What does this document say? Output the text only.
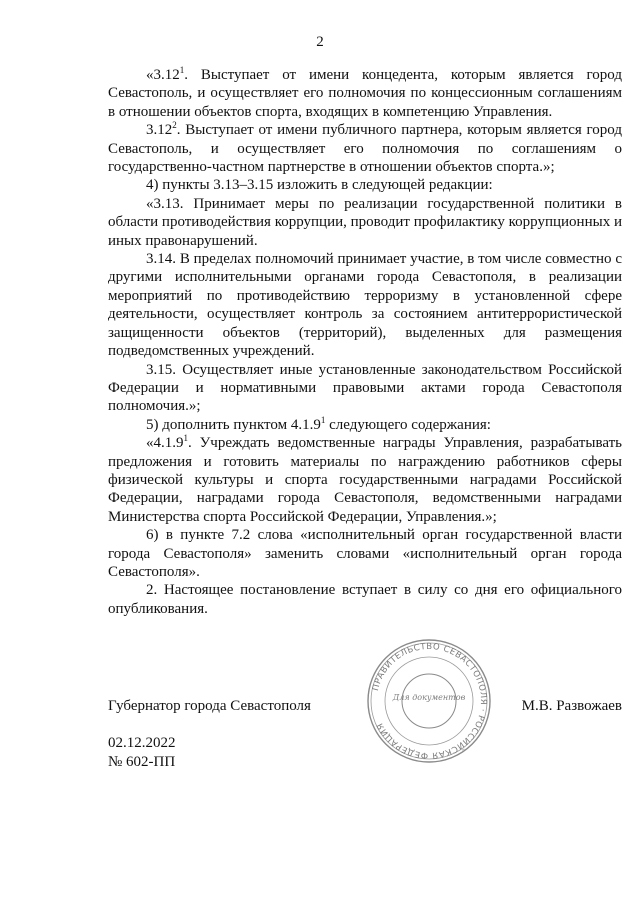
2

«3.12$^1$. Выступает от имени концедента, которым является город Севастополь, и осуществляет его полномочия по концессионным соглашениям в отношении объектов спорта, входящих в компетенцию Управления.

3.12$^2$. Выступает от имени публичного партнера, которым является город Севастополь, и осуществляет его полномочия по соглашениям о государственно-частном партнерстве в отношении объектов спорта.»;

4) пункты 3.13–3.15 изложить в следующей редакции:

«3.13. Принимает меры по реализации государственной политики в области противодействия коррупции, проводит профилактику коррупционных и иных правонарушений.

3.14. В пределах полномочий принимает участие, в том числе совместно с другими исполнительными органами города Севастополя, в реализации мероприятий по противодействию терроризму в установленной сфере деятельности, осуществляет контроль за состоянием антитеррористической защищенности объектов (территорий), выделенных для размещения подведомственных учреждений.

3.15. Осуществляет иные установленные законодательством Российской Федерации и нормативными правовыми актами города Севастополя полномочия.»;

5) дополнить пунктом 4.1.9$^1$ следующего содержания:

«4.1.9$^1$. Учреждать ведомственные награды Управления, разрабатывать предложения и готовить материалы по награждению работников сферы физической культуры и спорта государственными наградами Российской Федерации, наградами города Севастополя, ведомственными наградами Министерства спорта Российской Федерации, Управления.»;

6) в пункте 7.2 слова «исполнительный орган государственной власти города Севастополя» заменить словами «исполнительный орган города Севастополя».

2. Настоящее постановление вступает в силу со дня его официального опубликования.

ПРАВИТЕЛЬСТВО СЕВАСТОПОЛЯ · РОССИЙСКАЯ ФЕДЕРАЦИЯ
Для документов
Губернатор города Севастополя	М.В. Развожаев
02.12.2022
№ 602-ПП
